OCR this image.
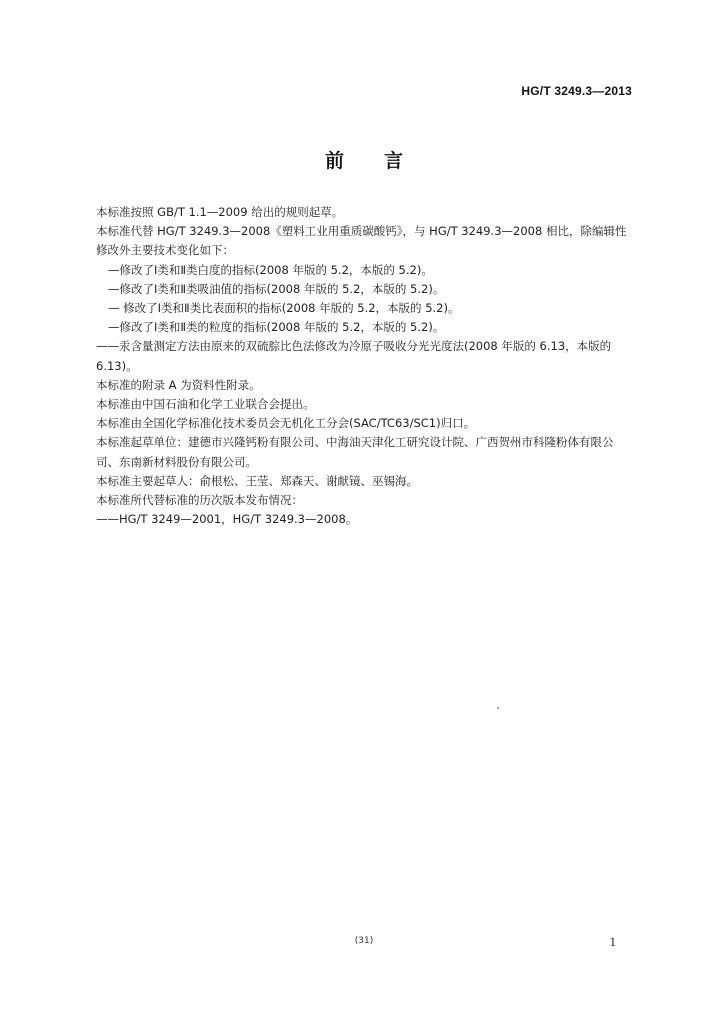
HG/T 3249.3—2013
前言

本标准按照 GB/T 1.1—2009 给出的规则起草。

本标准代替 HG/T 3249.3—2008《塑料工业用重质碳酸钙》，与 HG/T 3249.3—2008 相比，除编辑性修改外主要技术变化如下：

—修改了Ⅰ类和Ⅱ类白度的指标(2008 年版的 5.2，本版的 5.2)。

—修改了Ⅰ类和Ⅱ类吸油值的指标(2008 年版的 5.2，本版的 5.2)。

— 修改了Ⅰ类和Ⅱ类比表面积的指标(2008 年版的 5.2，本版的 5.2)。

—修改了Ⅰ类和Ⅱ类的粒度的指标(2008 年版的 5.2，本版的 5.2)。

——汞含量测定方法由原来的双硫腙比色法修改为冷原子吸收分光光度法(2008 年版的 6.13，本版的 6.13)。

本标准的附录 A 为资料性附录。

本标准由中国石油和化学工业联合会提出。

本标准由全国化学标准化技术委员会无机化工分会(SAC/TC63/SC1)归口。

本标准起草单位：建德市兴隆钙粉有限公司、中海油天津化工研究设计院、广西贺州市科隆粉体有限公司、东南新材料股份有限公司。

本标准主要起草人：俞根松、王莹、郑森天、谢献镜、巫锡海。

本标准所代替标准的历次版本发布情况：

——HG/T 3249—2001，HG/T 3249.3—2008。

(31)	1
